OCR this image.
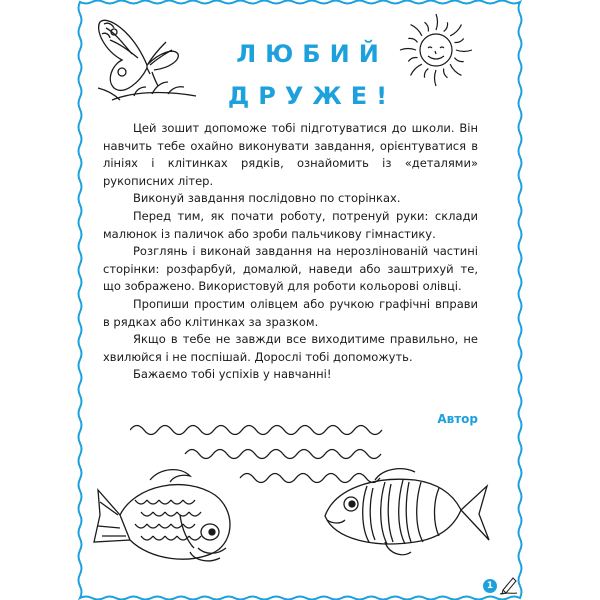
ЛЮБИЙ
ДРУЖЕ!

Цей зошит допоможе тобі підготуватися до школи. Він навчить тебе охайно виконувати завдання, орієнтуватися в лініях і клітинках рядків, ознайомить із «деталями» рукописних літер.

Виконуй завдання послідовно по сторінках.

Перед тим, як почати роботу, потренуй руки: склади малюнок із паличок або зроби пальчикову гімнастику.

Розглянь і виконай завдання на нерозлінованій частині сторінки: розфарбуй, домалюй, наведи або заштрихуй те, що зображено. Використовуй для роботи кольорові олівці.

Пропиши простим олівцем або ручкою графічні вправи в рядках або клітинках за зразком.

Якщо в тебе не завжди все виходитиме правильно, не хвилюйся і не поспішай. Дорослі тобі допоможуть.

Бажаємо тобі успіхів у навчанні!

Автор
1
